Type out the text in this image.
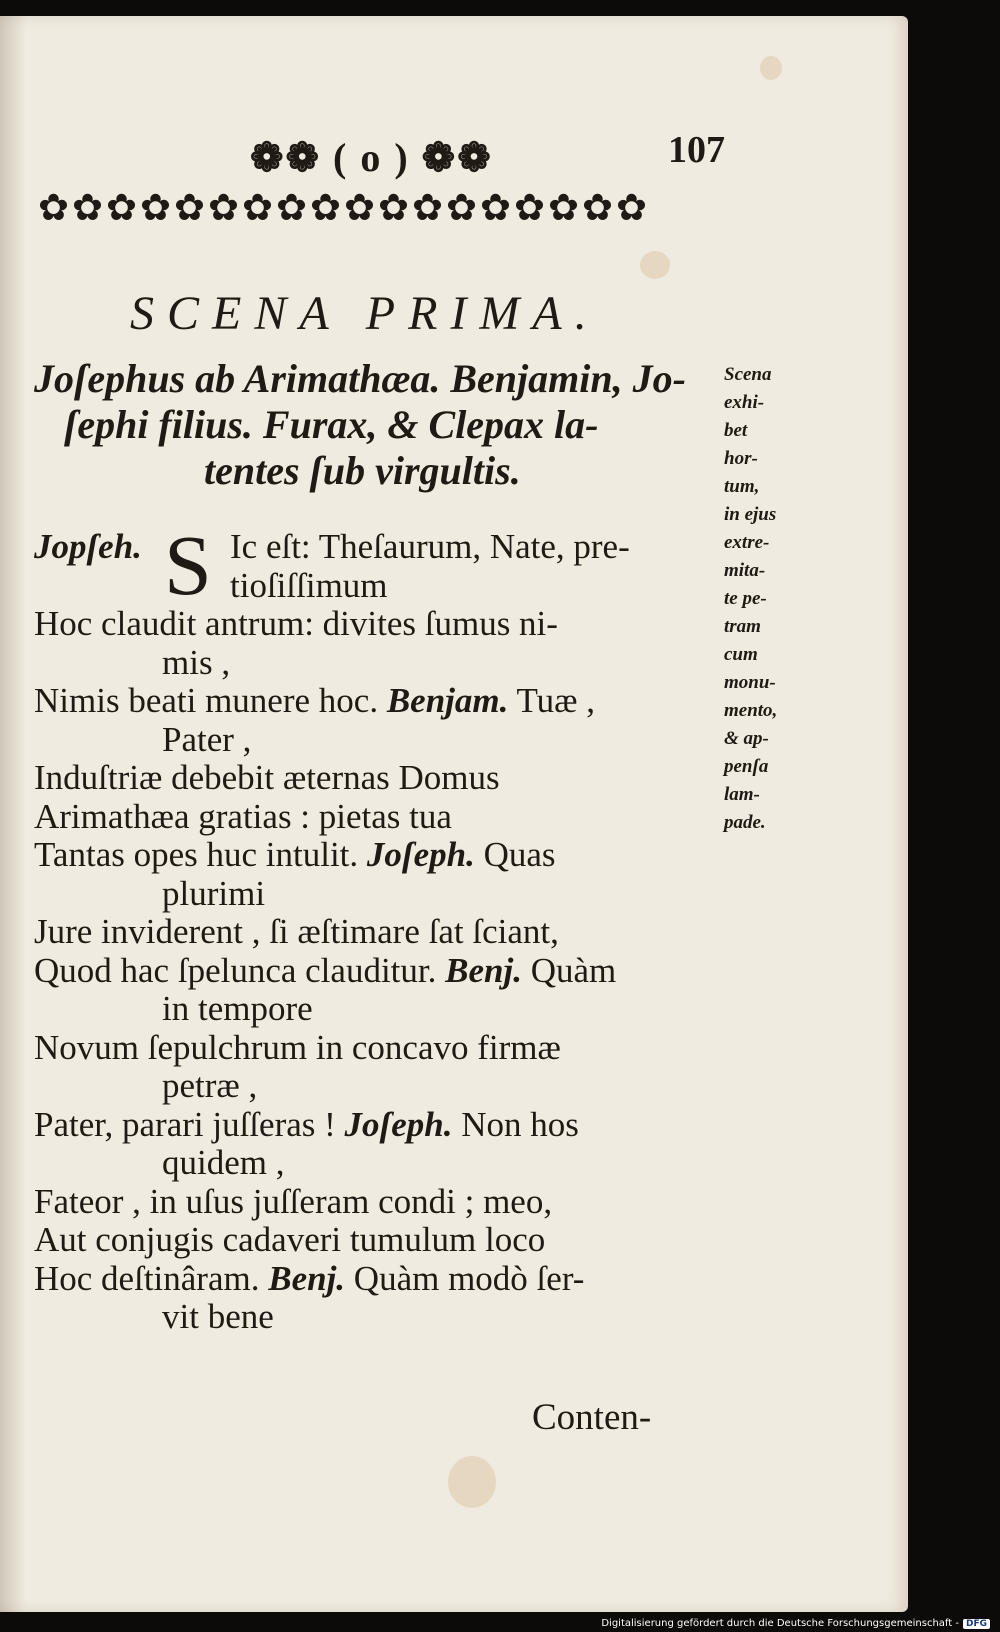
❁❁ ( o ) ❁❁	107
✿✿✿✿✿✿✿✿✿✿✿✿✿✿✿✿✿✿
SCENA PRIMA.
Joſephus ab Arimathæa. Benjamin, Jo-
ſephi filius. Furax, & Clepax la-
tentes ſub virgultis.
Scena
exhi-
bet
hor-
tum,
in ejus
extre-
mita-
te pe-
tram
cum
monu-
mento,
& ap-
penſa
lam-
pade.
Jopſeh. S Ic eſt: Theſaurum, Nate, pre-
tioſiſſimum
Hoc claudit antrum: divites ſumus ni-
mis ,
Nimis beati munere hoc. Benjam. Tuæ ,
Pater ,
Induſtriæ debebit æternas Domus
Arimathæa gratias : pietas tua
Tantas opes huc intulit. Joſeph. Quas
plurimi
Jure inviderent , ſi æſtimare ſat ſciant,
Quod hac ſpelunca clauditur. Benj. Quàm
in tempore
Novum ſepulchrum in concavo firmæ
petræ ,
Pater, parari juſſeras ! Joſeph. Non hos
quidem ,
Fateor , in uſus juſſeram condi ; meo,
Aut conjugis cadaveri tumulum loco
Hoc deſtinâram. Benj. Quàm modò ſer-
vit bene
Conten-
Digitalisierung gefördert durch die Deutsche Forschungsgemeinschaft - DFG
